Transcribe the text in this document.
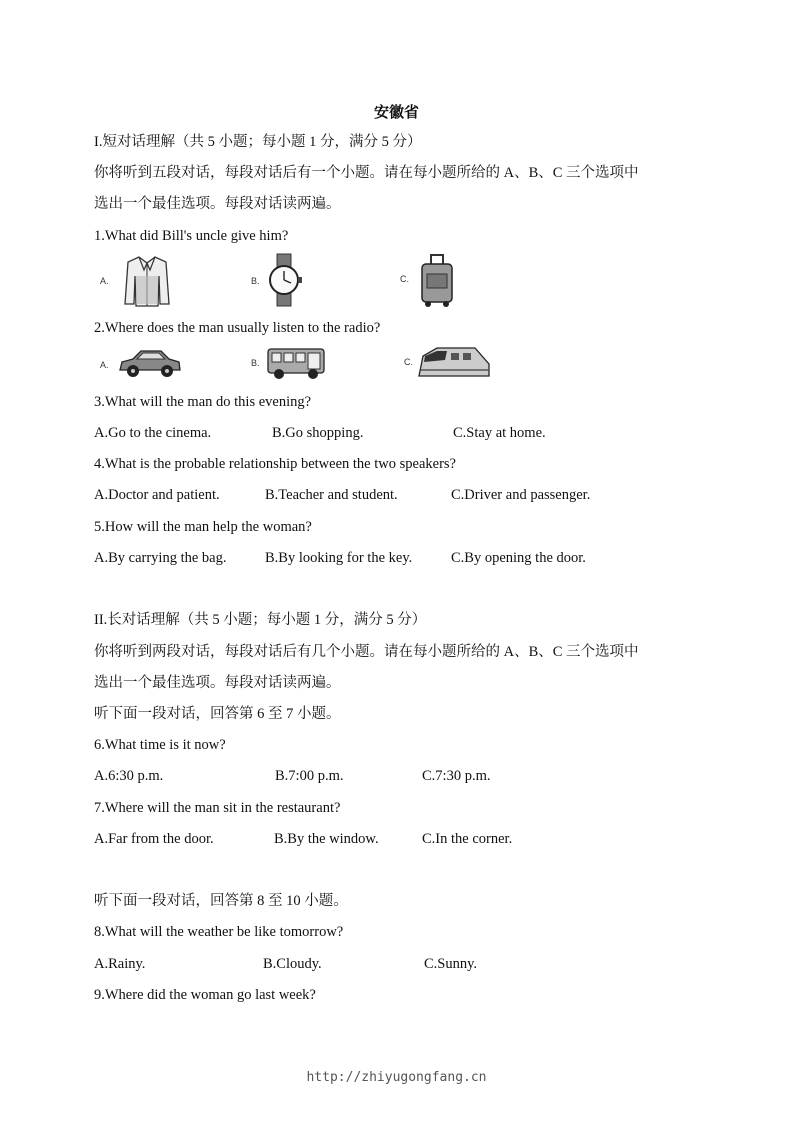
安徽省
I.短对话理解（共 5 小题；每小题 1 分，满分 5 分）
你将听到五段对话，每段对话后有一个小题。请在每小题所给的 A、B、C 三个选项中
选出一个最佳选项。每段对话读两遍。
1.What did Bill's uncle give him?
A.	B.	C.
2.Where does the man usually listen to the radio?
A.	B.	C.
3.What will the man do this evening?
A.Go to the cinema.	B.Go shopping.	C.Stay at home.
4.What is the probable relationship between the two speakers?
A.Doctor and patient.	B.Teacher and student.	C.Driver and passenger.
5.How will the man help the woman?
A.By carrying the bag.	B.By looking for the key.	C.By opening the door.
II.长对话理解（共 5 小题；每小题 1 分，满分 5 分）
你将听到两段对话，每段对话后有几个小题。请在每小题所给的 A、B、C 三个选项中
选出一个最佳选项。每段对话读两遍。
听下面一段对话，回答第 6 至 7 小题。
6.What time is it now?
A.6:30 p.m.	B.7:00 p.m.	C.7:30 p.m.
7.Where will the man sit in the restaurant?
A.Far from the door.	B.By the window.	C.In the corner.
听下面一段对话，回答第 8 至 10 小题。
8.What will the weather be like tomorrow?
A.Rainy.	B.Cloudy.	C.Sunny.
9.Where did the woman go last week?
http://zhiyugongfang.cn
